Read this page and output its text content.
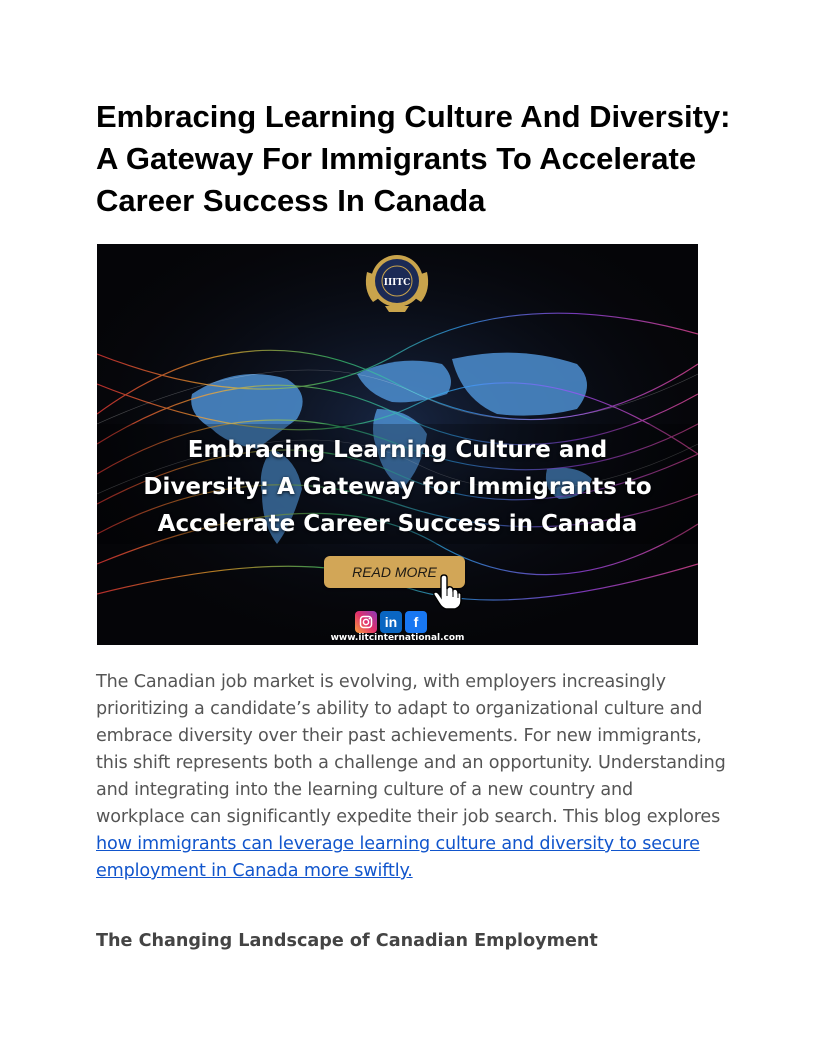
Embracing Learning Culture And Diversity: A Gateway For Immigrants To Accelerate Career Success In Canada
IIITC
Embracing Learning Culture and
Diversity: A Gateway for Immigrants to
Accelerate Career Success in Canada
READ MORE
in	f
www.iitcinternational.com

The Canadian job market is evolving, with employers increasingly prioritizing a candidate’s ability to adapt to organizational culture and embrace diversity over their past achievements. For new immigrants, this shift represents both a challenge and an opportunity. Understanding and integrating into the learning culture of a new country and workplace can significantly expedite their job search. This blog explores how immigrants can leverage learning culture and diversity to secure employment in Canada more swiftly.

The Changing Landscape of Canadian Employment
